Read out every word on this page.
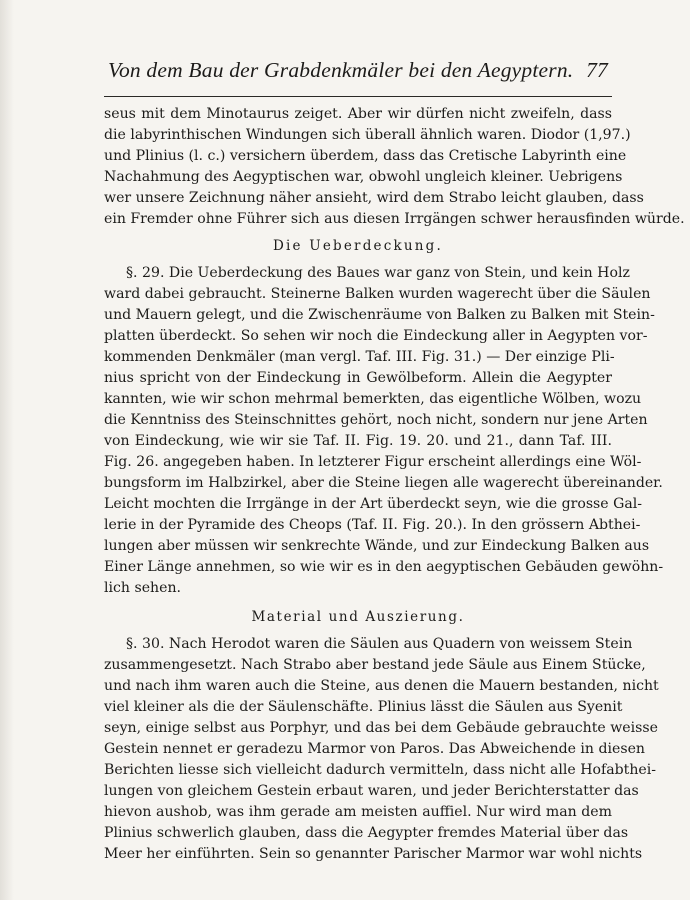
Von dem Bau der Grabdenkmäler bei den Aegyptern. 77
seus mit dem Minotaurus zeiget. Aber wir dürfen nicht zweifeln, dass
die labyrinthischen Windungen sich überall ähnlich waren. Diodor (1,97.)
und Plinius (l. c.) versichern überdem, dass das Cretische Labyrinth eine
Nachahmung des Aegyptischen war, obwohl ungleich kleiner. Uebrigens
wer unsere Zeichnung näher ansieht, wird dem Strabo leicht glauben, dass
ein Fremder ohne Führer sich aus diesen Irrgängen schwer herausfinden würde.
Die Ueberdeckung.
§. 29. Die Ueberdeckung des Baues war ganz von Stein, und kein Holz
ward dabei gebraucht. Steinerne Balken wurden wagerecht über die Säulen
und Mauern gelegt, und die Zwischenräume von Balken zu Balken mit Stein-
platten überdeckt. So sehen wir noch die Eindeckung aller in Aegypten vor-
kommenden Denkmäler (man vergl. Taf. III. Fig. 31.) — Der einzige Pli-
nius spricht von der Eindeckung in Gewölbeform. Allein die Aegypter
kannten, wie wir schon mehrmal bemerkten, das eigentliche Wölben, wozu
die Kenntniss des Steinschnittes gehört, noch nicht, sondern nur jene Arten
von Eindeckung, wie wir sie Taf. II. Fig. 19. 20. und 21., dann Taf. III.
Fig. 26. angegeben haben. In letzterer Figur erscheint allerdings eine Wöl-
bungsform im Halbzirkel, aber die Steine liegen alle wagerecht übereinander.
Leicht mochten die Irrgänge in der Art überdeckt seyn, wie die grosse Gal-
lerie in der Pyramide des Cheops (Taf. II. Fig. 20.). In den grössern Abthei-
lungen aber müssen wir senkrechte Wände, und zur Eindeckung Balken aus
Einer Länge annehmen, so wie wir es in den aegyptischen Gebäuden gewöhn-
lich sehen.
Material und Auszierung.
§. 30. Nach Herodot waren die Säulen aus Quadern von weissem Stein
zusammengesetzt. Nach Strabo aber bestand jede Säule aus Einem Stücke,
und nach ihm waren auch die Steine, aus denen die Mauern bestanden, nicht
viel kleiner als die der Säulenschäfte. Plinius lässt die Säulen aus Syenit
seyn, einige selbst aus Porphyr, und das bei dem Gebäude gebrauchte weisse
Gestein nennet er geradezu Marmor von Paros. Das Abweichende in diesen
Berichten liesse sich vielleicht dadurch vermitteln, dass nicht alle Hofabthei-
lungen von gleichem Gestein erbaut waren, und jeder Berichterstatter das
hievon aushob, was ihm gerade am meisten auffiel. Nur wird man dem
Plinius schwerlich glauben, dass die Aegypter fremdes Material über das
Meer her einführten. Sein so genannter Parischer Marmor war wohl nichts
